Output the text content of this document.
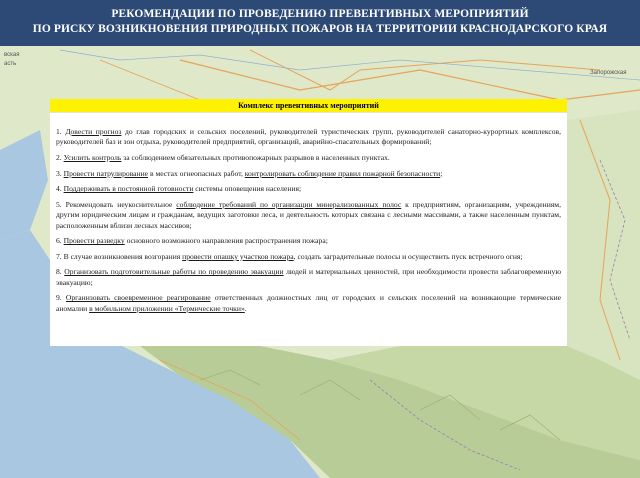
вская
асть
Запорожская
РЕКОМЕНДАЦИИ ПО ПРОВЕДЕНИЮ ПРЕВЕНТИВНЫХ МЕРОПРИЯТИЙ
ПО РИСКУ ВОЗНИКНОВЕНИЯ ПРИРОДНЫХ ПОЖАРОВ НА ТЕРРИТОРИИ КРАСНОДАРСКОГО КРАЯ
Комплекс превентивных мероприятий
1. Довести прогноз до глав городских и сельских поселений, руководителей туристических групп, руководителей санаторно-курортных комплексов, руководителей баз и зон отдыха, руководителей предприятий, организаций, аварийно-спасательных формирований;
2. Усилить контроль за соблюдением обязательных противопожарных разрывов в населенных пунктах.
3. Провести патрулирование в местах огнеопасных работ, контролировать соблюдение правил пожарной безопасности;
4. Поддерживать в постоянной готовности системы оповещения населения;
5. Рекомендовать неукоснительное соблюдение требований по организации минерализованных полос к предприятиям, организациям, учреждениям, другим юридическим лицам и гражданам, ведущих заготовки леса, и деятельность которых связана с лесными массивами, а также населенным пунктам, расположенным вблизи лесных массивов;
6. Провести разведку основного возможного направления распространения пожара;
7. В случае возникновения возгорания провести опашку участков пожара, создать заградительные полосы и осуществить пуск встречного огня;
8. Организовать подготовительные работы по проведению эвакуации людей и материальных ценностей, при необходимости провести заблаговременную эвакуацию;
9. Организовать своевременное реагирование ответственных должностных лиц от городских и сельских поселений на возникающие термические аномалии в мобильном приложении «Термические точки».
